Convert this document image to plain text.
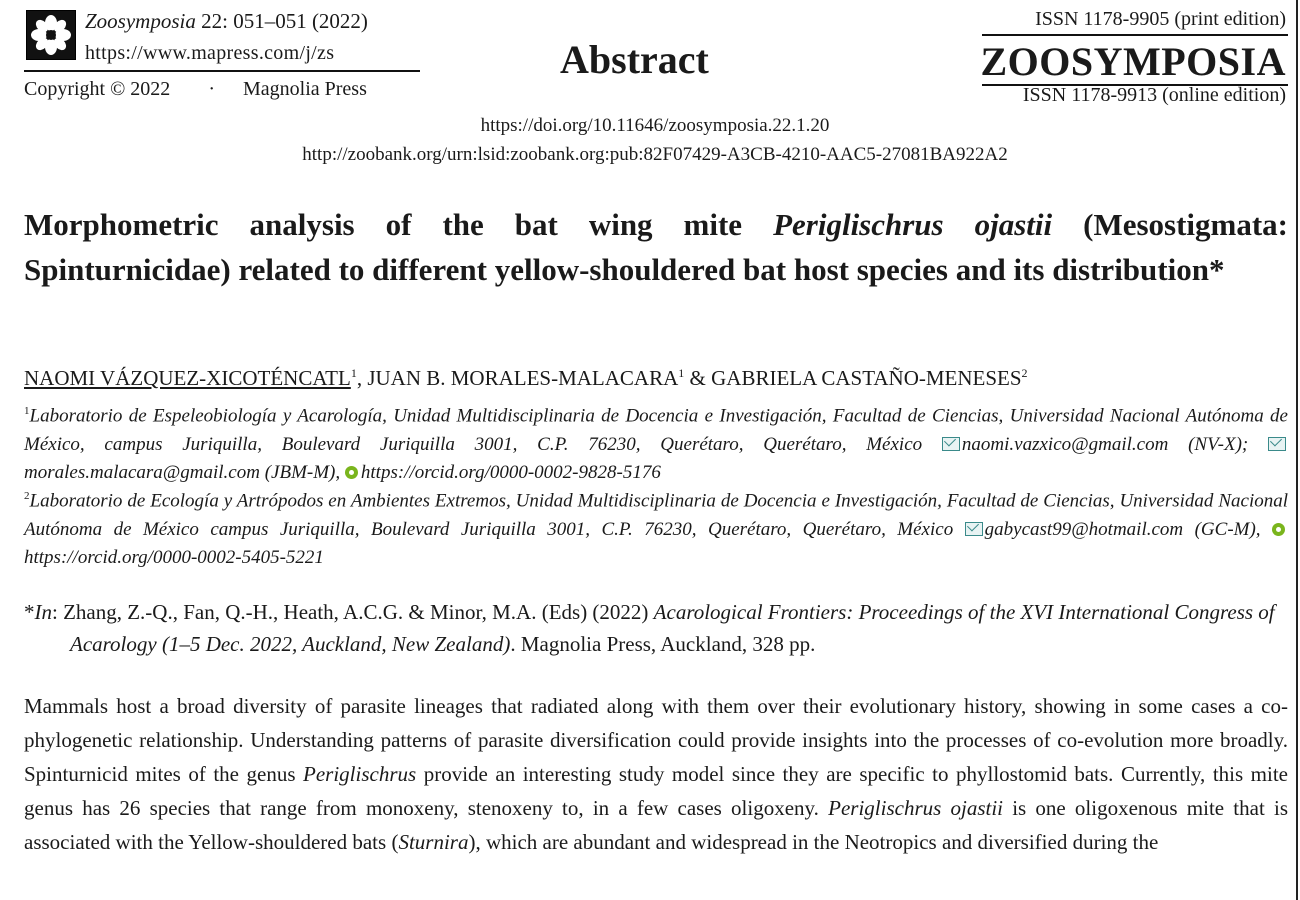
Zoosymposia 22: 051–051 (2022)
https://www.mapress.com/j/zs
Copyright © 2022 · Magnolia Press
Abstract
ISSN 1178-9905 (print edition)
ZOOSYMPOSIA
ISSN 1178-9913 (online edition)
https://doi.org/10.11646/zoosymposia.22.1.20
http://zoobank.org/urn:lsid:zoobank.org:pub:82F07429-A3CB-4210-AAC5-27081BA922A2
Morphometric analysis of the bat wing mite Periglischrus ojastii (Mesostigmata: Spinturnicidae) related to different yellow-shouldered bat host species and its distribution*
NAOMI VÁZQUEZ-XICOTÉNCATL$^1$, JUAN B. MORALES-MALACARA$^1$ & GABRIELA CASTAÑO-MENESES$^2$
$^1$Laboratorio de Espeleobiología y Acarología, Unidad Multidisciplinaria de Docencia e Investigación, Facultad de Ciencias, Universidad Nacional Autónoma de México, campus Juriquilla, Boulevard Juriquilla 3001, C.P. 76230, Querétaro, Querétaro, México naomi.vazxico@gmail.com (NV-X); morales.malacara@gmail.com (JBM-M), https://orcid.org/0000-0002-9828-5176
$^2$Laboratorio de Ecología y Artrópodos en Ambientes Extremos, Unidad Multidisciplinaria de Docencia e Investigación, Facultad de Ciencias, Universidad Nacional Autónoma de México campus Juriquilla, Boulevard Juriquilla 3001, C.P. 76230, Querétaro, Querétaro, México gabycast99@hotmail.com (GC-M), https://orcid.org/0000-0002-5405-5221
*In: Zhang, Z.-Q., Fan, Q.-H., Heath, A.C.G. & Minor, M.A. (Eds) (2022) Acarological Frontiers: Proceedings of the XVI International Congress of Acarology (1–5 Dec. 2022, Auckland, New Zealand). Magnolia Press, Auckland, 328 pp.
Mammals host a broad diversity of parasite lineages that radiated along with them over their evolutionary history, showing in some cases a co-phylogenetic relationship. Understanding patterns of parasite diversification could provide insights into the processes of co-evolution more broadly. Spinturnicid mites of the genus Periglischrus provide an interesting study model since they are specific to phyllostomid bats. Currently, this mite genus has 26 species that range from monoxeny, stenoxeny to, in a few cases oligoxeny. Periglischrus ojastii is one oligoxenous mite that is associated with the Yellow-shouldered bats (Sturnira), which are abundant and widespread in the Neotropics and diversified during the
